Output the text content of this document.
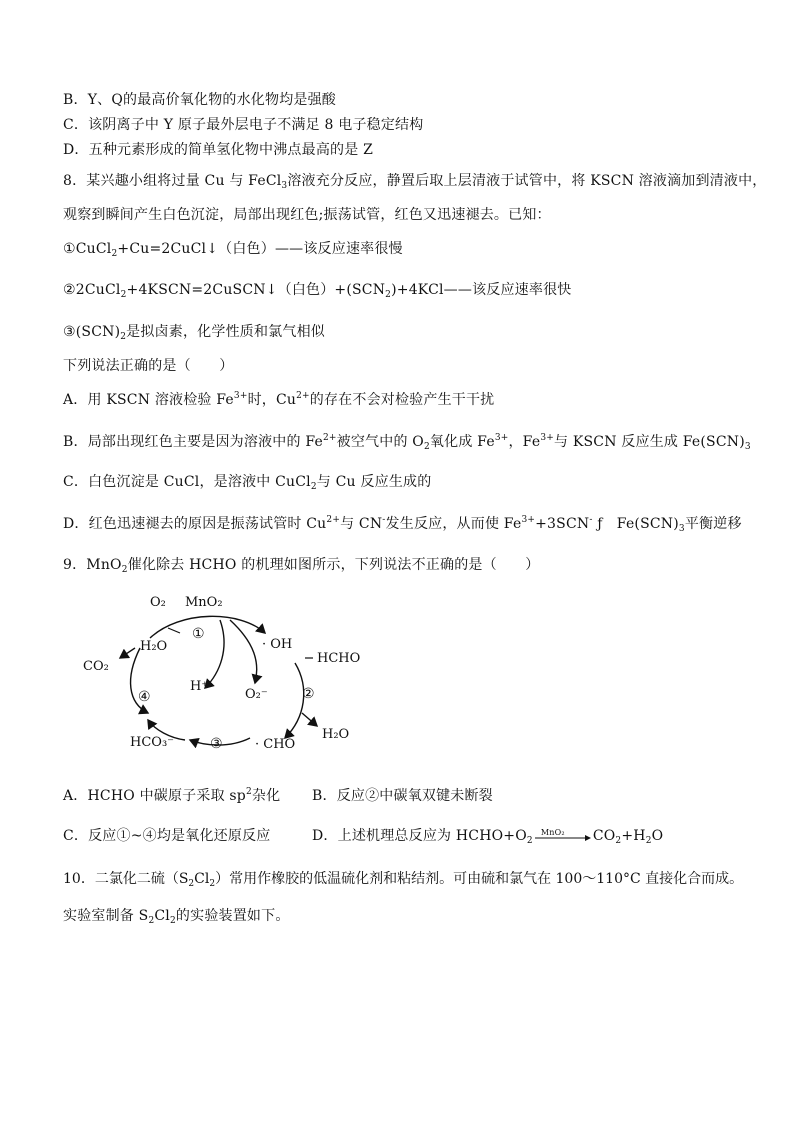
B．Y、Q的最高价氧化物的水化物均是强酸
C．该阴离子中 Y 原子最外层电子不满足 8 电子稳定结构
D．五种元素形成的简单氢化物中沸点最高的是 Z
8．某兴趣小组将过量 Cu 与 FeCl$_3$溶液充分反应，静置后取上层清液于试管中，将 KSCN 溶液滴加到清液中，
观察到瞬间产生白色沉淀，局部出现红色;振荡试管，红色又迅速褪去。已知：
①CuCl$_2$+Cu=2CuCl↓（白色）——该反应速率很慢
②2CuCl$_2$+4KSCN=2CuSCN↓（白色）$+(SCN_2)+4KCl——$该反应速率很快
$③(SCN)_2$是拟卤素，化学性质和氯气相似
下列说法正确的是（　　）
A．用 KSCN 溶液检验 $Fe^{3+}$时，$Cu^{2+}$的存在不会对检验产生干干扰
B．局部出现红色主要是因为溶液中的 $Fe^{2+}$被空气中的 $O_2$氧化成 $Fe^{3+}$，$Fe^{3+}$与 KSCN 反应生成 $Fe(SCN)_3$
C．白色沉淀是 CuCl，是溶液中 CuCl$_2$与 Cu 反应生成的
D．红色迅速褪去的原因是振荡试管时 $Cu^{2+}$与 CN-发生反应，从而使 $Fe^{3+}+3SCN^-$ ƒ　$Fe(SCN)_3$平衡逆移
9．MnO$_2$催化除去 HCHO 的机理如图所示，下列说法不正确的是（　　）
O₂ MnO₂
H₂O
CO₂
H⁺
· OH
HCHO
O₂⁻
HCO₃⁻	· CHO
H₂O
①
②
③
④
A．HCHO 中碳原子采取 $sp^2$杂化 B．反应②中碳氧双键未断裂
C．反应①~④均是氧化还原反应	D．上述机理总反应为 $HCHO+O_2$
MnO₂ $CO_2+H_2O$
10．二氯化二硫$(S_2Cl_2)$常用作橡胶的低温硫化剂和粘结剂。可由硫和氯气在 100～110°C 直接化合而成。
实验室制备 $S_2Cl_2$的实验装置如下。
